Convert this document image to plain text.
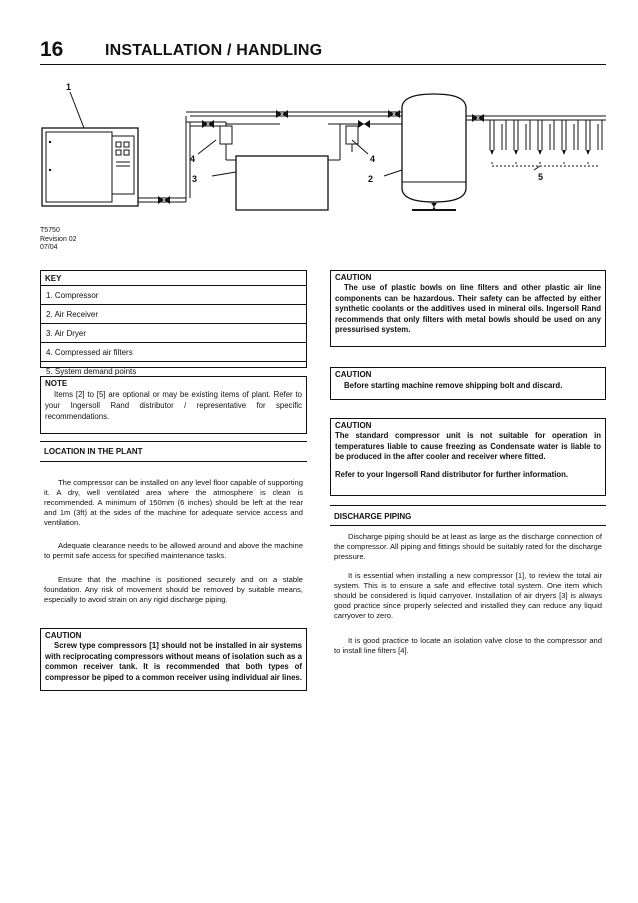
16	INSTALLATION / HANDLING
1
4
3
4
2	5
T5750
Revision 02
07/04
KEY
1. Compressor
2. Air Receiver
3. Air Dryer
4. Compressed air filters
5. System demand points
NOTE
Items [2] to [5] are optional or may be existing items of plant. Refer to your Ingersoll Rand distributor / representative for specific recommendations.
LOCATION IN THE PLANT
The compressor can be installed on any level floor capable of supporting it. A dry, well ventilated area where the atmosphere is clean is recommended. A minimum of 150mm (6 inches) should be left at the rear and 1m (3ft) at the sides of the machine for adequate service access and ventilation.
Adequate clearance needs to be allowed around and above the machine to permit safe access for specified maintenance tasks.
Ensure that the machine is positioned securely and on a stable foundation. Any risk of movement should be removed by suitable means, especially to avoid strain on any rigid discharge piping.
CAUTION
Screw type compressors [1] should not be installed in air systems with reciprocating compressors without means of isolation such as a common receiver tank. It is recommended that both types of compressor be piped to a common receiver using individual air lines.
CAUTION
The use of plastic bowls on line filters and other plastic air line components can be hazardous. Their safety can be affected by either synthetic coolants or the additives used in mineral oils. Ingersoll Rand recommends that only filters with metal bowls should be used on any pressurised system.
CAUTION
Before starting machine remove shipping bolt and discard.
CAUTION
The standard compressor unit is not suitable for operation in temperatures liable to cause freezing as Condensate water is liable to be produced in the after cooler and receiver where fitted.
Refer to your Ingersoll Rand distributor for further information.
DISCHARGE PIPING
Discharge piping should be at least as large as the discharge connection of the compressor. All piping and fittings should be suitably rated for the discharge pressure.
It is essential when installing a new compressor [1], to review the total air system. This is to ensure a safe and effective total system. One item which should be considered is liquid carryover. Installation of air dryers [3] is always good practice since properly selected and installed they can reduce any liquid carryover to zero.
It is good practice to locate an isolation valve close to the compressor and to install line filters [4].
